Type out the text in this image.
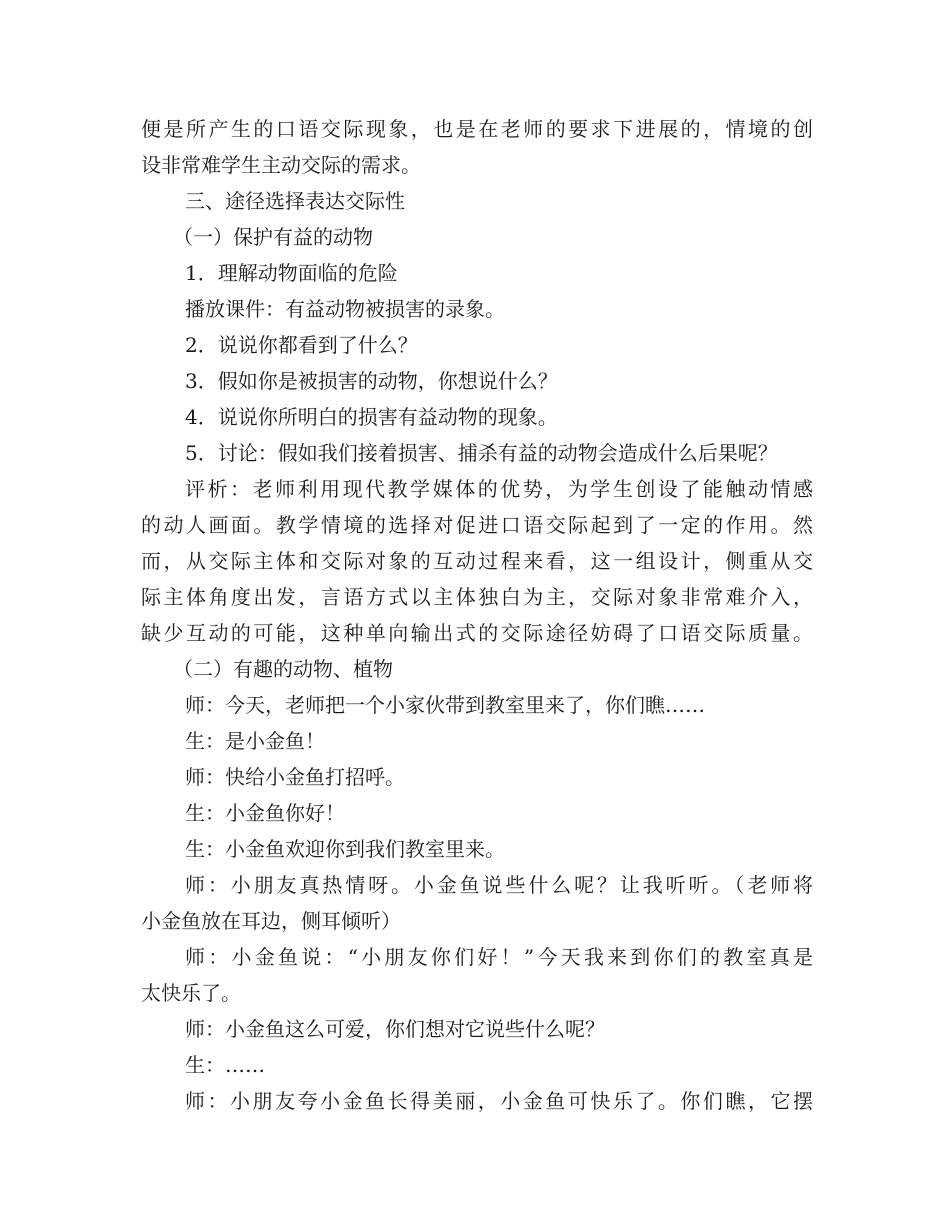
便是所产生的口语交际现象，也是在老师的要求下进展的，情境的创
设非常难学生主动交际的需求。
三、途径选择表达交际性
（一）保护有益的动物
1．理解动物面临的危险
播放课件：有益动物被损害的录象。
2．说说你都看到了什么？
3．假如你是被损害的动物，你想说什么？
4．说说你所明白的损害有益动物的现象。
5．讨论：假如我们接着损害、捕杀有益的动物会造成什么后果呢？
评析：老师利用现代教学媒体的优势，为学生创设了能触动情感
的动人画面。教学情境的选择对促进口语交际起到了一定的作用。然
而，从交际主体和交际对象的互动过程来看，这一组设计，侧重从交
际主体角度出发，言语方式以主体独白为主，交际对象非常难介入，
缺少互动的可能，这种单向输出式的交际途径妨碍了口语交际质量。
（二）有趣的动物、植物
师：今天，老师把一个小家伙带到教室里来了，你们瞧……
生：是小金鱼！
师：快给小金鱼打招呼。
生：小金鱼你好！
生：小金鱼欢迎你到我们教室里来。
师：小朋友真热情呀。小金鱼说些什么呢？让我听听。（老师将
小金鱼放在耳边，侧耳倾听）
师：小金鱼说：“小朋友你们好！”今天我来到你们的教室真是
太快乐了。
师：小金鱼这么可爱，你们想对它说些什么呢？
生：……
师：小朋友夸小金鱼长得美丽，小金鱼可快乐了。你们瞧，它摆
